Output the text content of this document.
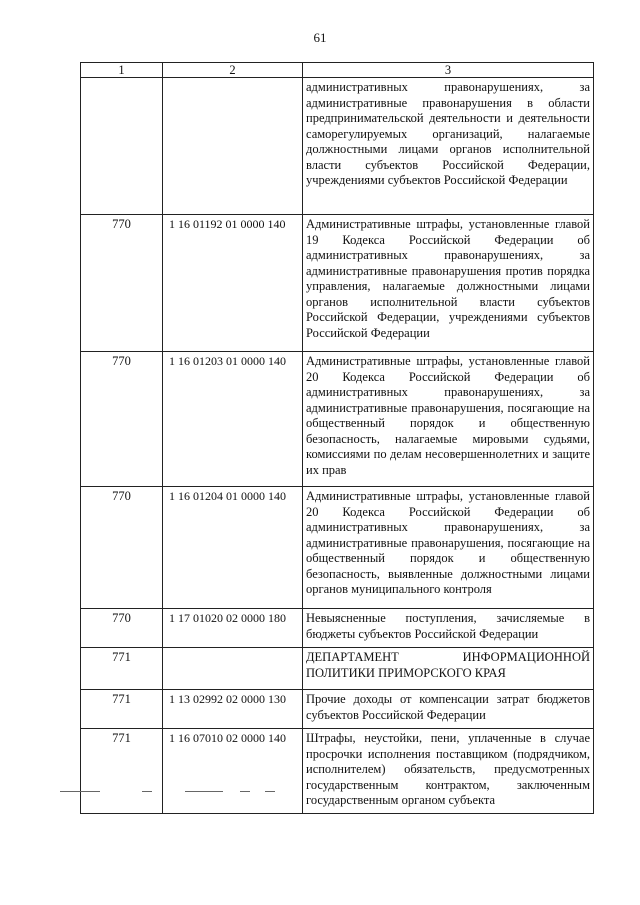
61
1	2	3
		административных правонарушениях, за административные правонарушения в области предпринимательской деятельности и деятельности саморегулируемых организаций, налагаемые должностными лицами органов исполнительной власти субъектов Российской Федерации, учреждениями субъектов Российской Федерации
770	1 16 01192 01 0000 140	Административные штрафы, установленные главой 19 Кодекса Российской Федерации об административных правонарушениях, за административные правонарушения против порядка управления, налагаемые должностными лицами органов исполнительной власти субъектов Российской Федерации, учреждениями субъектов Российской Федерации
770	1 16 01203 01 0000 140	Административные штрафы, установленные главой 20 Кодекса Российской Федерации об административных правонарушениях, за административные правонарушения, посягающие на общественный порядок и общественную безопасность, налагаемые мировыми судьями, комиссиями по делам несовершеннолетних и защите их прав
770	1 16 01204 01 0000 140	Административные штрафы, установленные главой 20 Кодекса Российской Федерации об административных правонарушениях, за административные правонарушения, посягающие на общественный порядок и общественную безопасность, выявленные должностными лицами органов муниципального контроля
770	1 17 01020 02 0000 180	Невыясненные поступления, зачисляемые в бюджеты субъектов Российской Федерации
771		ДЕПАРТАМЕНТ ИНФОРМАЦИОННОЙ ПОЛИТИКИ ПРИМОРСКОГО КРАЯ
771	1 13 02992 02 0000 130	Прочие доходы от компенсации затрат бюджетов субъектов Российской Федерации
771	1 16 07010 02 0000 140	Штрафы, неустойки, пени, уплаченные в случае просрочки исполнения поставщиком (подрядчиком, исполнителем) обязательств, предусмотренных государственным контрактом, заключенным государственным органом субъекта
